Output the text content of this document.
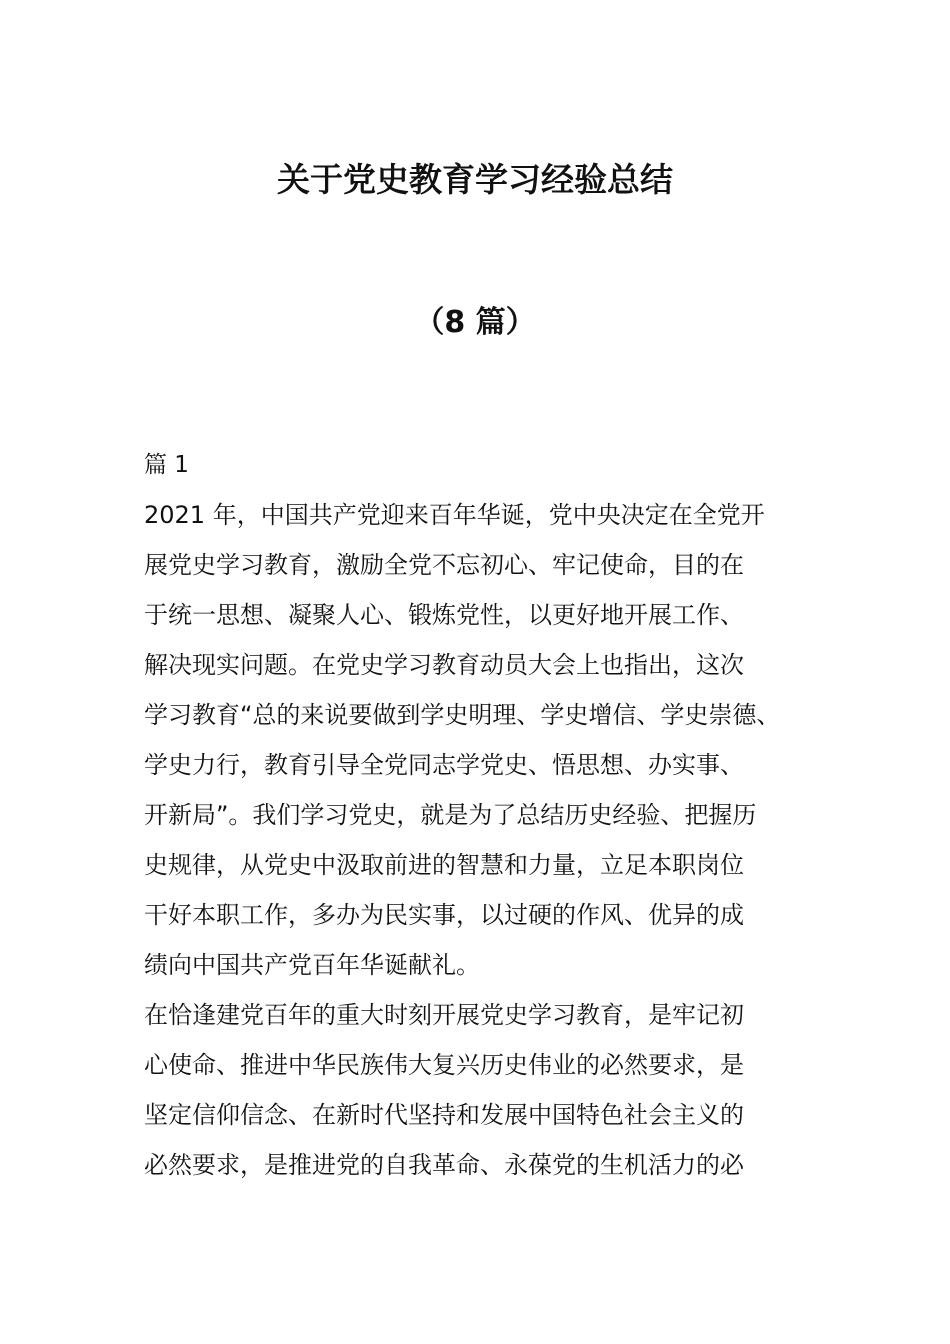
关于党史教育学习经验总结
（8 篇）
篇 1
2021 年，中国共产党迎来百年华诞，党中央决定在全党开
展党史学习教育，激励全党不忘初心、牢记使命，目的在
于统一思想、凝聚人心、锻炼党性，以更好地开展工作、
解决现实问题。在党史学习教育动员大会上也指出，这次
学习教育“总的来说要做到学史明理、学史增信、学史崇德、
学史力行，教育引导全党同志学党史、悟思想、办实事、
开新局”。我们学习党史，就是为了总结历史经验、把握历
史规律，从党史中汲取前进的智慧和力量，立足本职岗位
干好本职工作，多办为民实事，以过硬的作风、优异的成
绩向中国共产党百年华诞献礼。
在恰逢建党百年的重大时刻开展党史学习教育，是牢记初
心使命、推进中华民族伟大复兴历史伟业的必然要求，是
坚定信仰信念、在新时代坚持和发展中国特色社会主义的
必然要求，是推进党的自我革命、永葆党的生机活力的必
